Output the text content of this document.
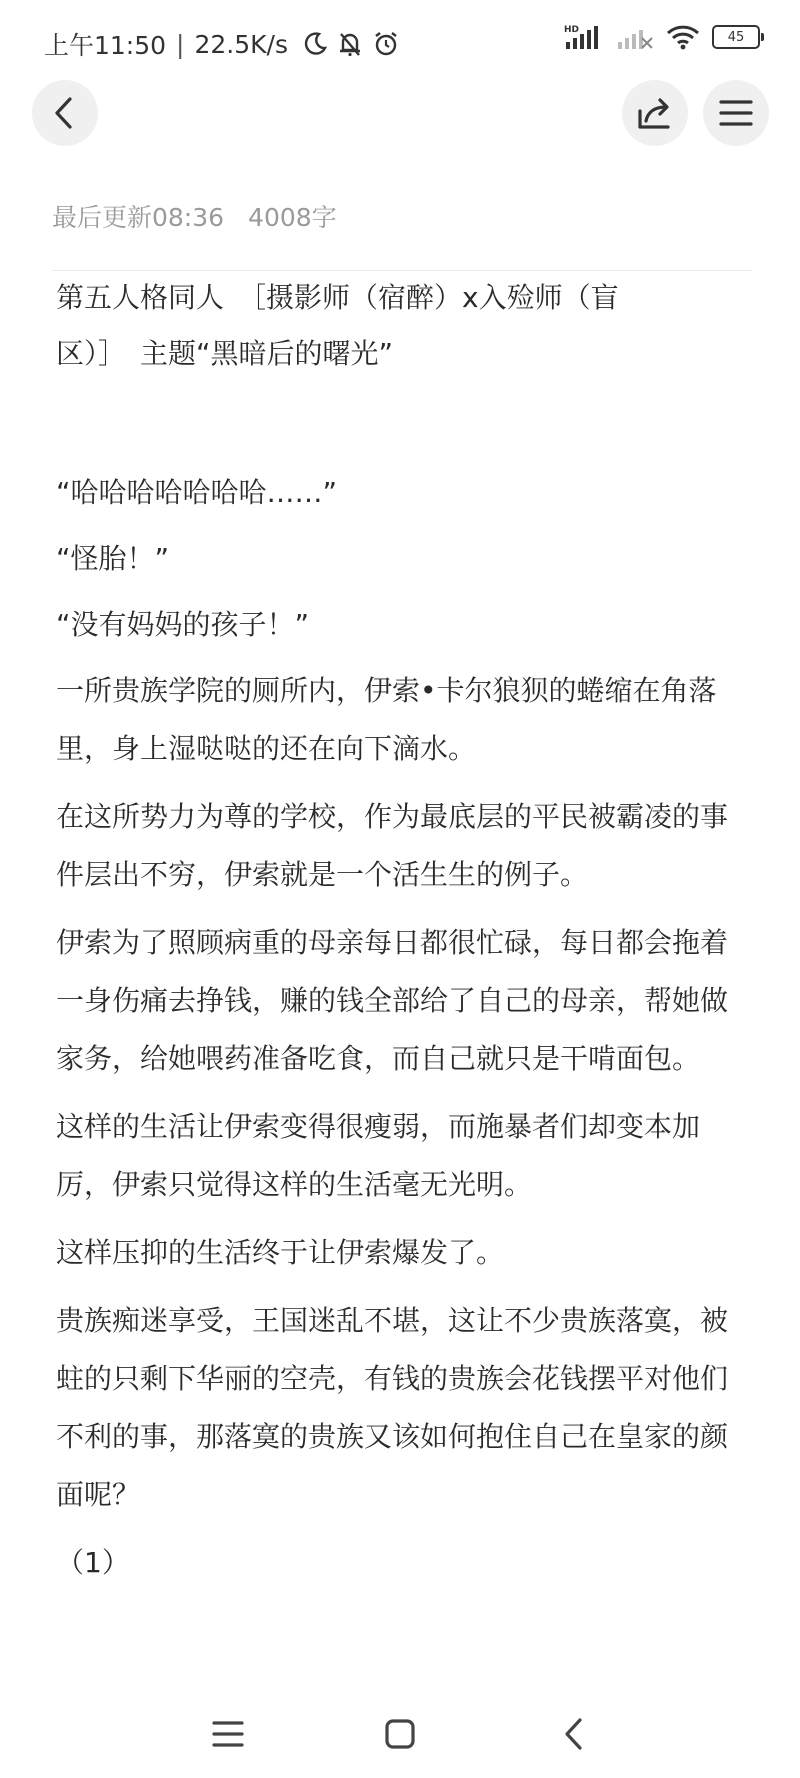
上午11:50 | 22.5K/s	HD	45
最后更新08:36 4008字
第五人格同人　［摄影师（宿醉）x入殓师（盲
区）］　主题“黑暗后的曙光”

“哈哈哈哈哈哈哈……”

“怪胎！”

“没有妈妈的孩子！”

一所贵族学院的厕所内，伊索•卡尔狼狈的蜷缩在角落里，身上湿哒哒的还在向下滴水。

在这所势力为尊的学校，作为最底层的平民被霸凌的事件层出不穷，伊索就是一个活生生的例子。

伊索为了照顾病重的母亲每日都很忙碌，每日都会拖着一身伤痛去挣钱，赚的钱全部给了自己的母亲，帮她做家务，给她喂药准备吃食，而自己就只是干啃面包。

这样的生活让伊索变得很瘦弱，而施暴者们却变本加厉，伊索只觉得这样的生活毫无光明。

这样压抑的生活终于让伊索爆发了。

贵族痴迷享受，王国迷乱不堪，这让不少贵族落寞，被蛀的只剩下华丽的空壳，有钱的贵族会花钱摆平对他们不利的事，那落寞的贵族又该如何抱住自己在皇家的颜面呢？

（1）
